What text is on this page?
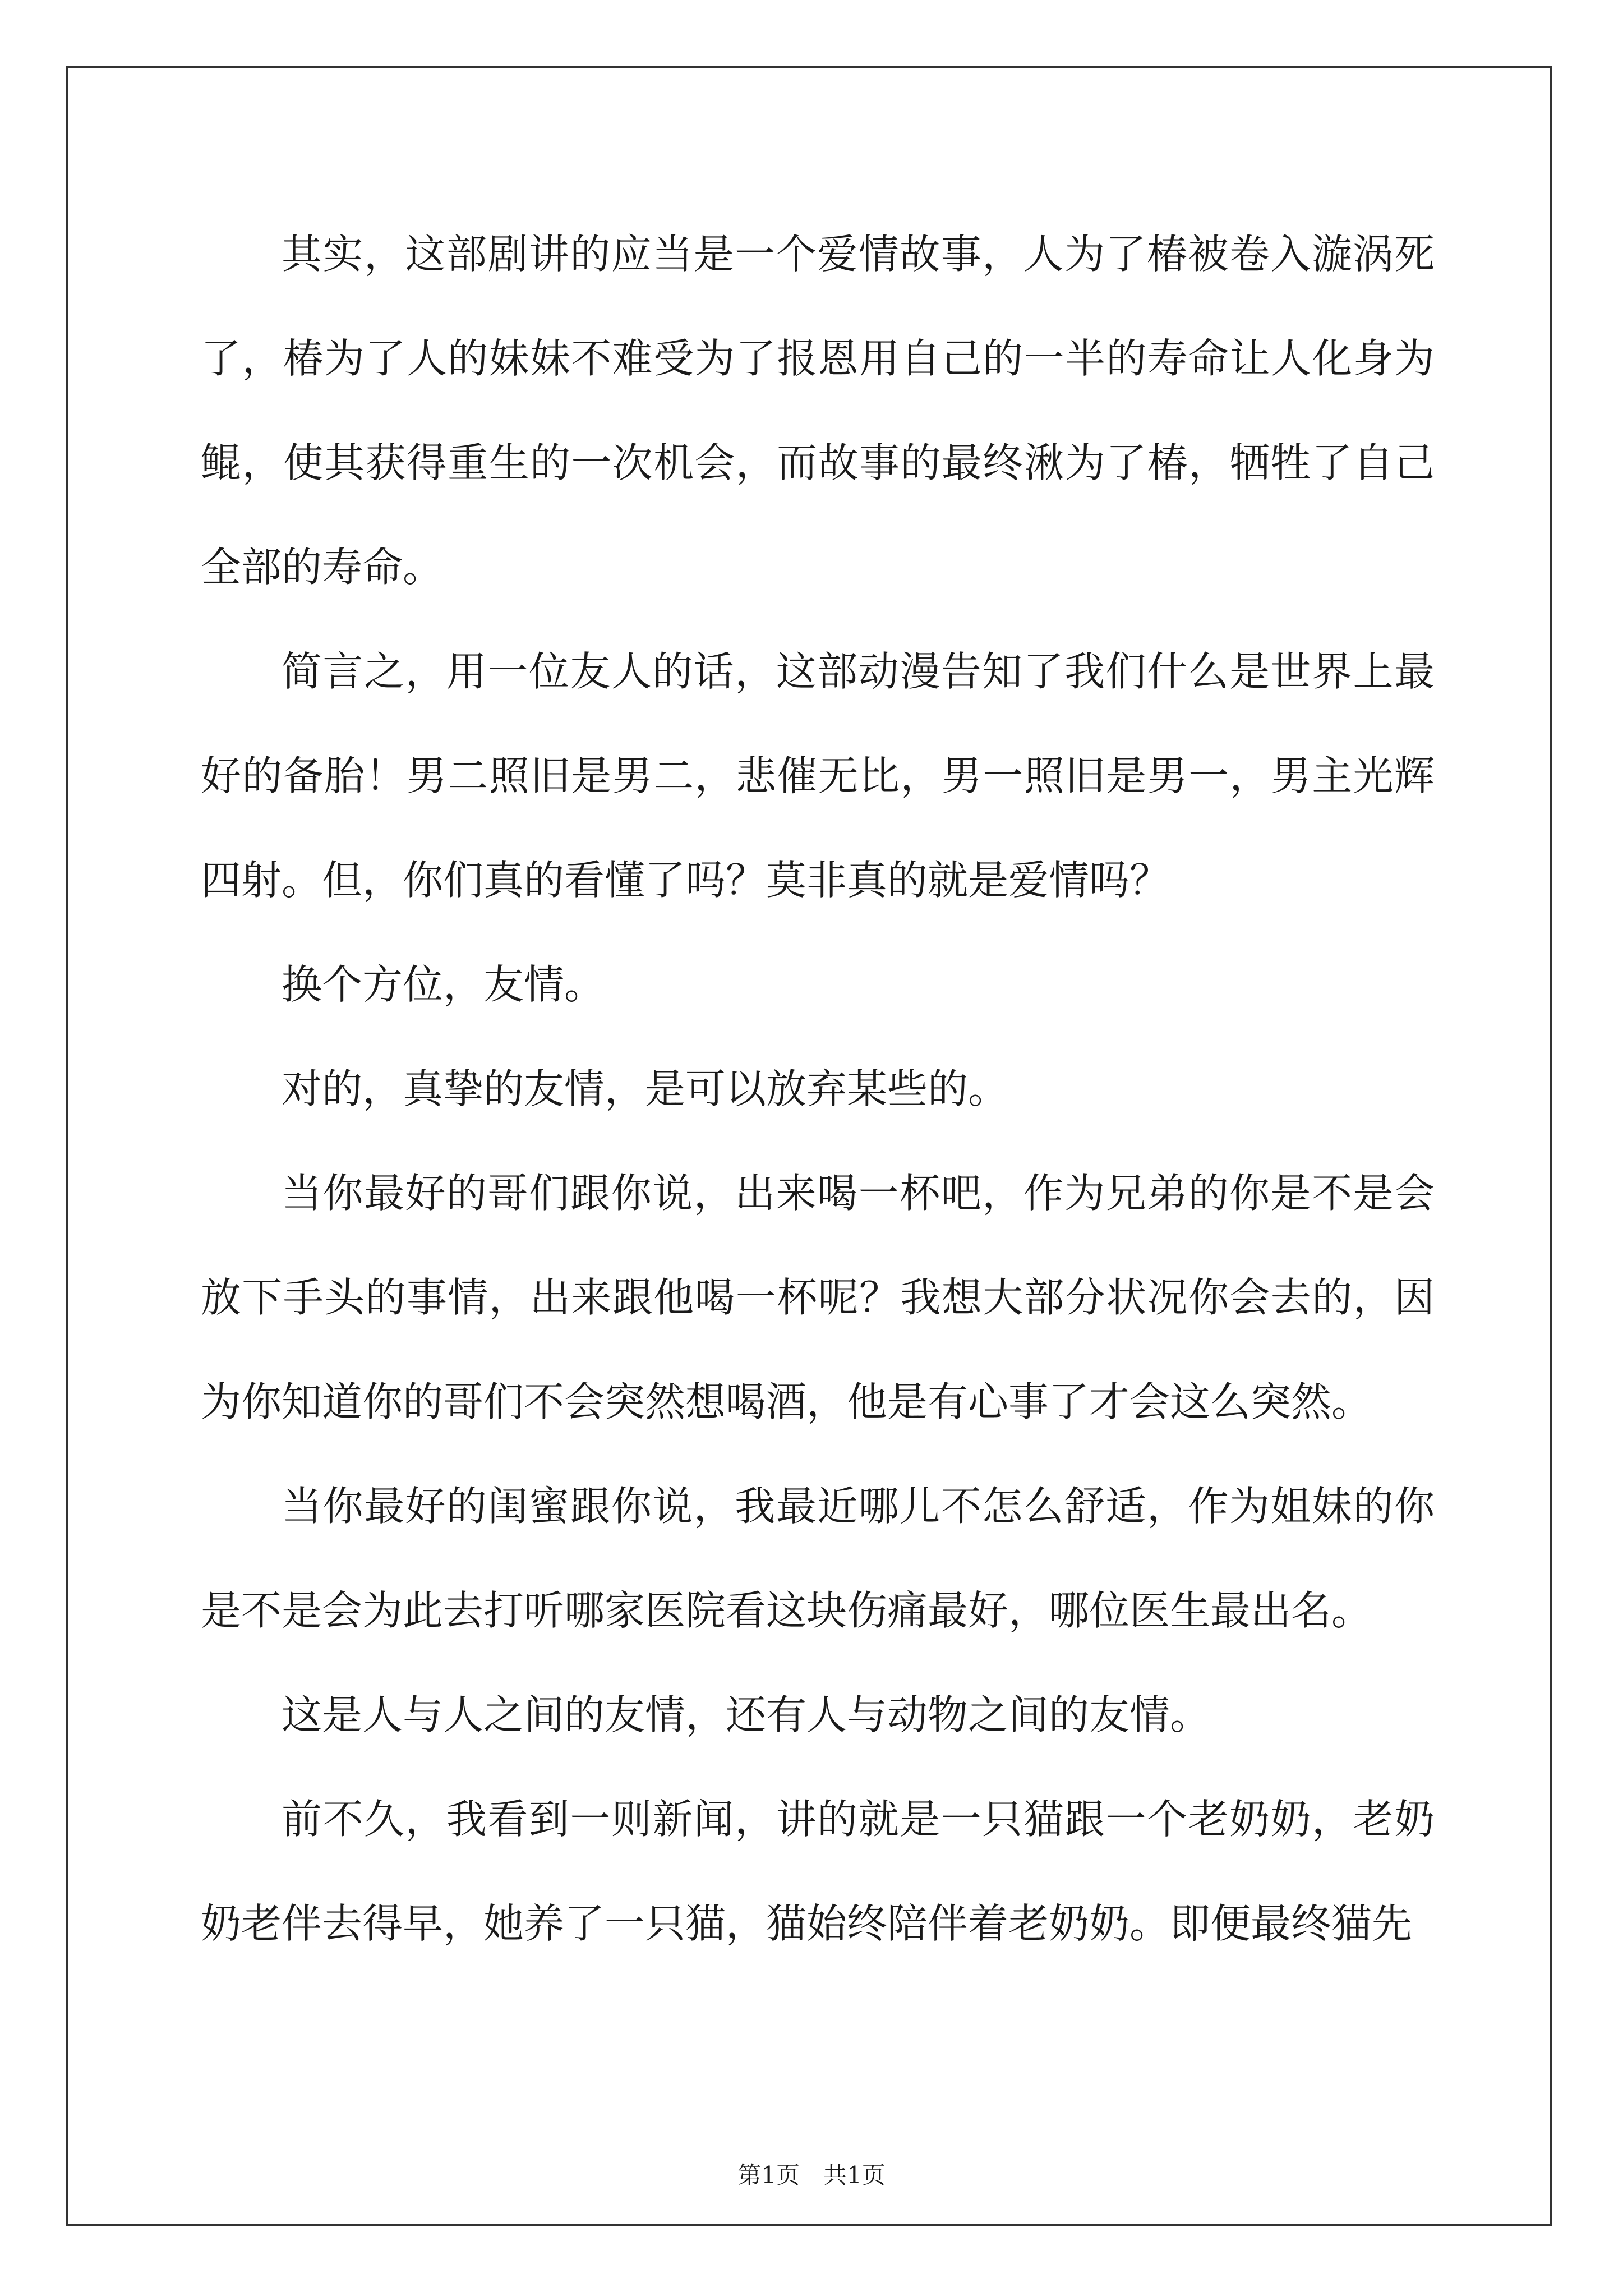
其实，这部剧讲的应当是一个爱情故事，人为了椿被卷入漩涡死了，椿为了人的妹妹不难受为了报恩用自己的一半的寿命让人化身为鲲，使其获得重生的一次机会，而故事的最终湫为了椿，牺牲了自己全部的寿命。

简言之，用一位友人的话，这部动漫告知了我们什么是世界上最好的备胎！男二照旧是男二，悲催无比，男一照旧是男一，男主光辉四射。但，你们真的看懂了吗？莫非真的就是爱情吗？

换个方位，友情。

对的，真挚的友情，是可以放弃某些的。

当你最好的哥们跟你说，出来喝一杯吧，作为兄弟的你是不是会放下手头的事情，出来跟他喝一杯呢？我想大部分状况你会去的，因为你知道你的哥们不会突然想喝酒，他是有心事了才会这么突然。

当你最好的闺蜜跟你说，我最近哪儿不怎么舒适，作为姐妹的你是不是会为此去打听哪家医院看这块伤痛最好，哪位医生最出名。

这是人与人之间的友情，还有人与动物之间的友情。

前不久，我看到一则新闻，讲的就是一只猫跟一个老奶奶，老奶奶老伴去得早，她养了一只猫，猫始终陪伴着老奶奶。即便最终猫先

第1页　共1页
